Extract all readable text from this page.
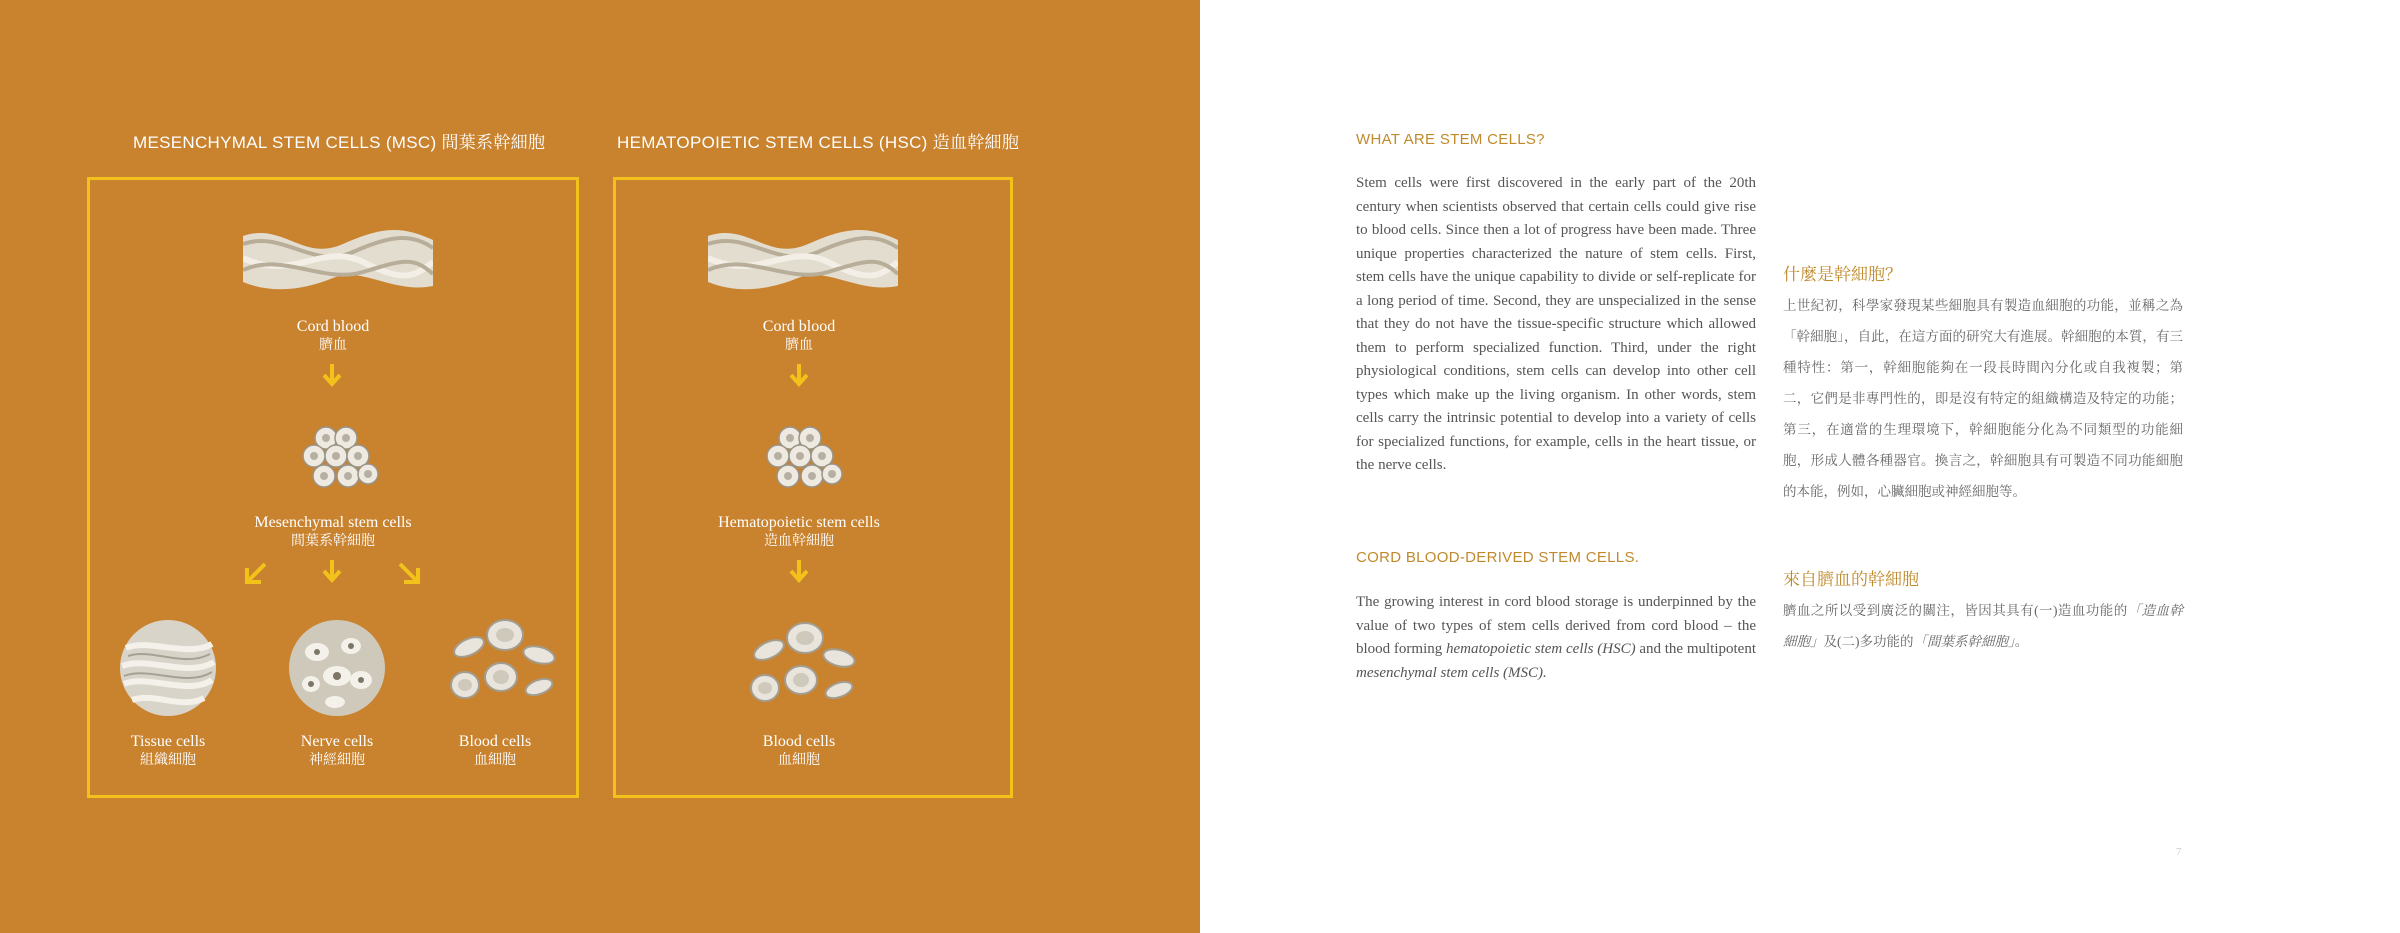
MESENCHYMAL STEM CELLS (MSC) 間葉系幹細胞	HEMATOPOIETIC STEM CELLS (HSC) 造血幹細胞
Cord blood
臍血
Mesenchymal stem cells
間葉系幹細胞
Tissue cells
組織細胞
Nerve cells
神經細胞
Blood cells
血細胞
Cord blood
臍血
Hematopoietic stem cells
造血幹細胞
Blood cells
血細胞
WHAT ARE STEM CELLS?

Stem cells were first discovered in the early part of the 20th century when scientists observed that certain cells could give rise to blood cells. Since then a lot of progress have been made. Three unique properties characterized the nature of stem cells. First, stem cells have the unique capability to divide or self-replicate for a long period of time. Second, they are unspecialized in the sense that they do not have the tissue-specific structure which allowed them to perform specialized function. Third, under the right physiological conditions, stem cells can develop into other cell types which make up the living organism. In other words, stem cells carry the intrinsic potential to develop into a variety of cells for specialized functions, for example, cells in the heart tissue, or the nerve cells.

什麼是幹細胞？

上世紀初，科學家發現某些細胞具有製造血細胞的功能，並稱之為「幹細胞」，自此，在這方面的研究大有進展。幹細胞的本質，有三種特性：第一，幹細胞能夠在一段長時間內分化或自我複製；第二，它們是非專門性的，即是沒有特定的組織構造及特定的功能；第三，在適當的生理環境下，幹細胞能分化為不同類型的功能細胞，形成人體各種器官。換言之，幹細胞具有可製造不同功能細胞的本能，例如，心臟細胞或神經細胞等。

CORD BLOOD-DERIVED STEM CELLS.

The growing interest in cord blood storage is underpinned by the value of two types of stem cells derived from cord blood – the blood forming hematopoietic stem cells (HSC) and the multipotent mesenchymal stem cells (MSC).

來自臍血的幹細胞

臍血之所以受到廣泛的關注，皆因其具有(一)造血功能的「造血幹細胞」及(二)多功能的「間葉系幹細胞」。

7
